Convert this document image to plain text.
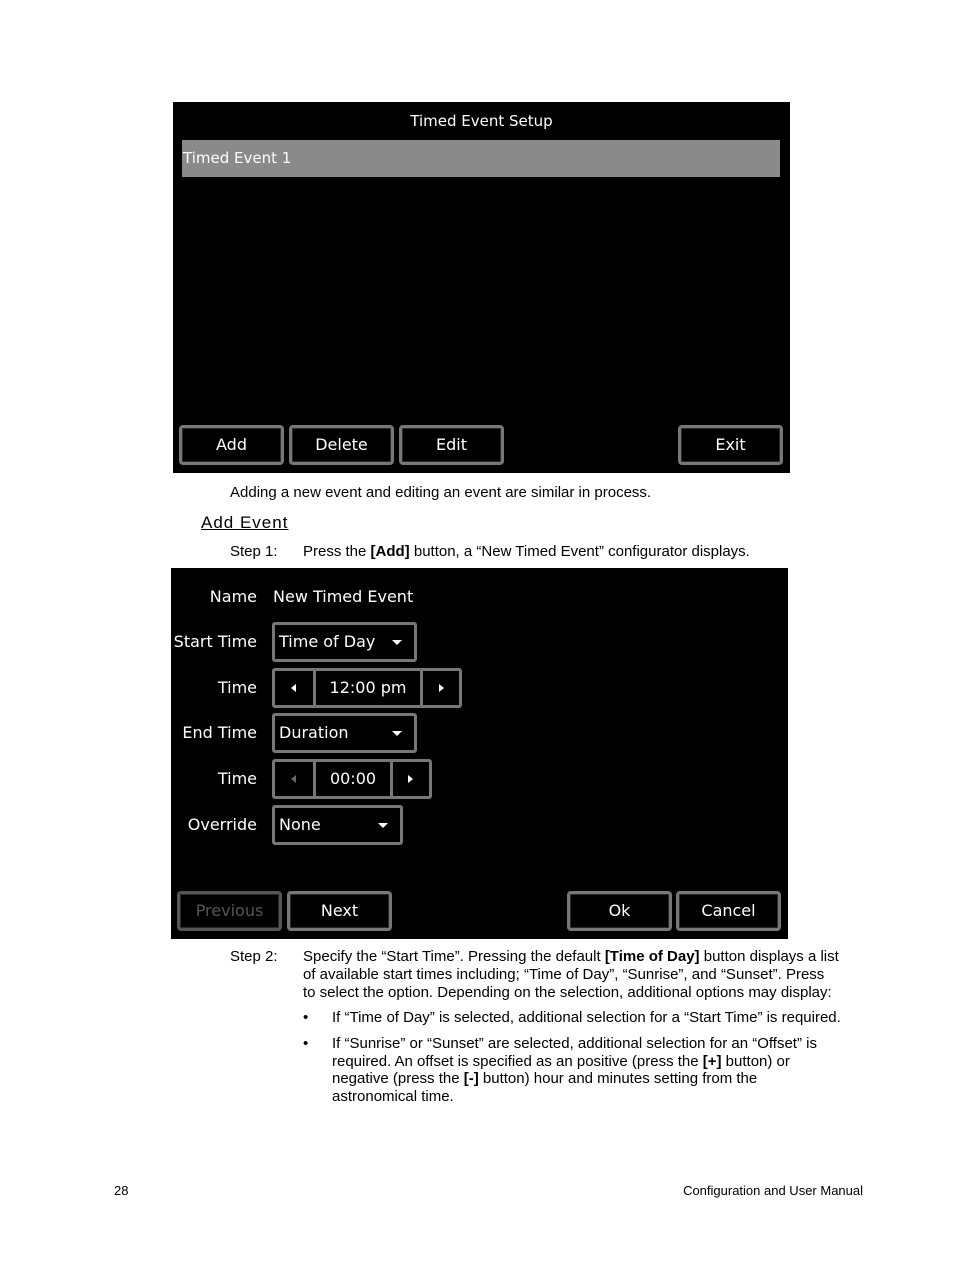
Timed Event Setup
Timed Event 1
Add	Delete	Edit	Exit
Adding a new event and editing an event are similar in process.
Add Event
Step 1: Press the [Add] button, a “New Timed Event” configurator displays.
Name New Timed Event
Start Time	Time of Day
Time	12:00 pm
End Time	Duration
Time	00:00
Override	None
Previous	Next	Ok	Cancel
Step 2: Specify the “Start Time”. Pressing the default [Time of Day] button displays a list
of available start times including; “Time of Day”, “Sunrise”, and “Sunset”. Press
to select the option. Depending on the selection, additional options may display:
• If “Time of Day” is selected, additional selection for a “Start Time” is required.
• If “Sunrise” or “Sunset” are selected, additional selection for an “Offset” is
required. An offset is specified as an positive (press the [+] button) or
negative (press the [-] button) hour and minutes setting from the
astronomical time.
28	Configuration and User Manual
